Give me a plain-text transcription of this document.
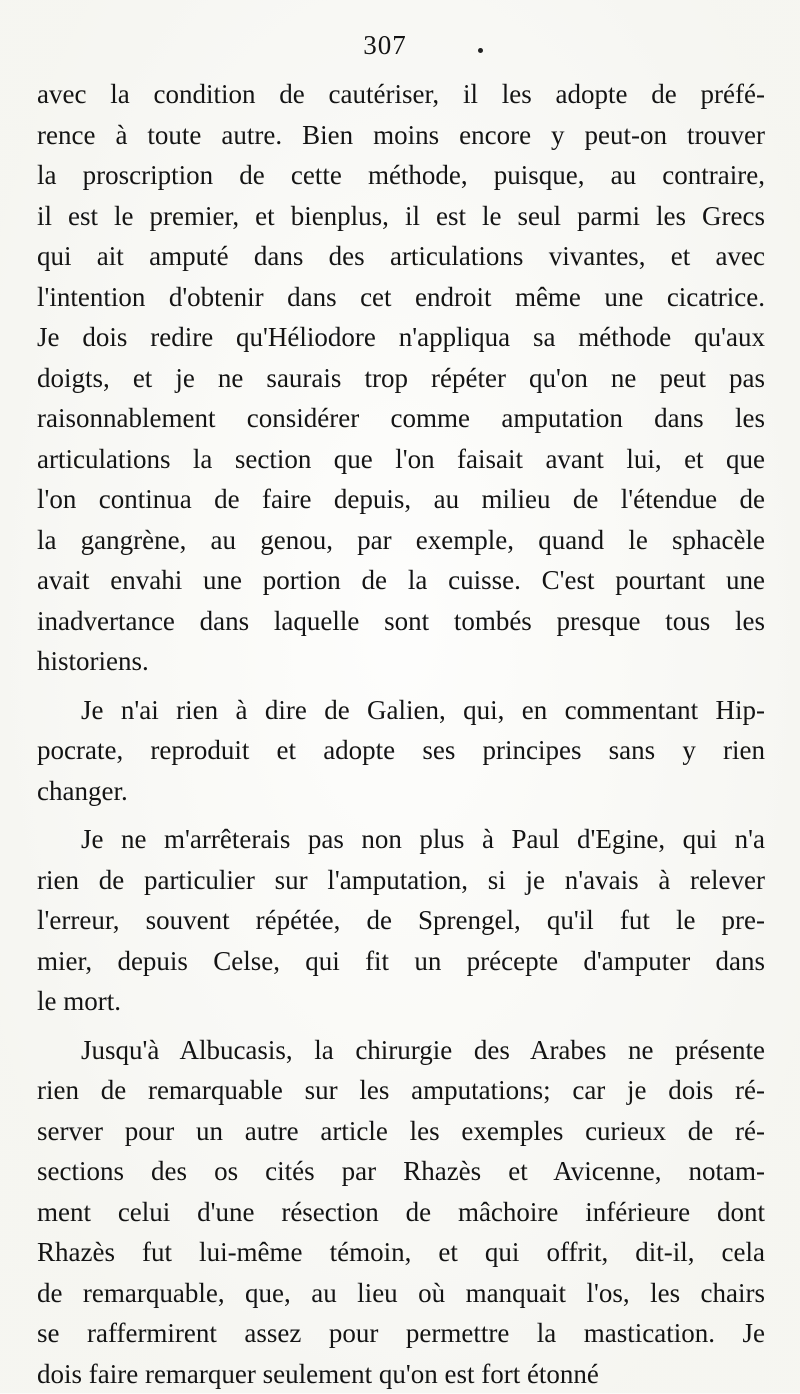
307
avec la condition de cautériser, il les adopte de préfé-
rence à toute autre. Bien moins encore y peut-on trouver
la proscription de cette méthode, puisque, au contraire,
il est le premier, et bienplus, il est le seul parmi les Grecs
qui ait amputé dans des articulations vivantes, et avec
l'intention d'obtenir dans cet endroit même une cicatrice.
Je dois redire qu'Héliodore n'appliqua sa méthode qu'aux
doigts, et je ne saurais trop répéter qu'on ne peut pas
raisonnablement considérer comme amputation dans les
articulations la section que l'on faisait avant lui, et que
l'on continua de faire depuis, au milieu de l'étendue de
la gangrène, au genou, par exemple, quand le sphacèle
avait envahi une portion de la cuisse. C'est pourtant une
inadvertance dans laquelle sont tombés presque tous les
historiens.
Je n'ai rien à dire de Galien, qui, en commentant Hip-
pocrate, reproduit et adopte ses principes sans y rien
changer.
Je ne m'arrêterais pas non plus à Paul d'Egine, qui n'a
rien de particulier sur l'amputation, si je n'avais à relever
l'erreur, souvent répétée, de Sprengel, qu'il fut le pre-
mier, depuis Celse, qui fit un précepte d'amputer dans
le mort.
Jusqu'à Albucasis, la chirurgie des Arabes ne présente
rien de remarquable sur les amputations; car je dois ré-
server pour un autre article les exemples curieux de ré-
sections des os cités par Rhazès et Avicenne, notam-
ment celui d'une résection de mâchoire inférieure dont
Rhazès fut lui-même témoin, et qui offrit, dit-il, cela
de remarquable, que, au lieu où manquait l'os, les chairs
se raffermirent assez pour permettre la mastication. Je
dois faire remarquer seulement qu'on est fort étonné
